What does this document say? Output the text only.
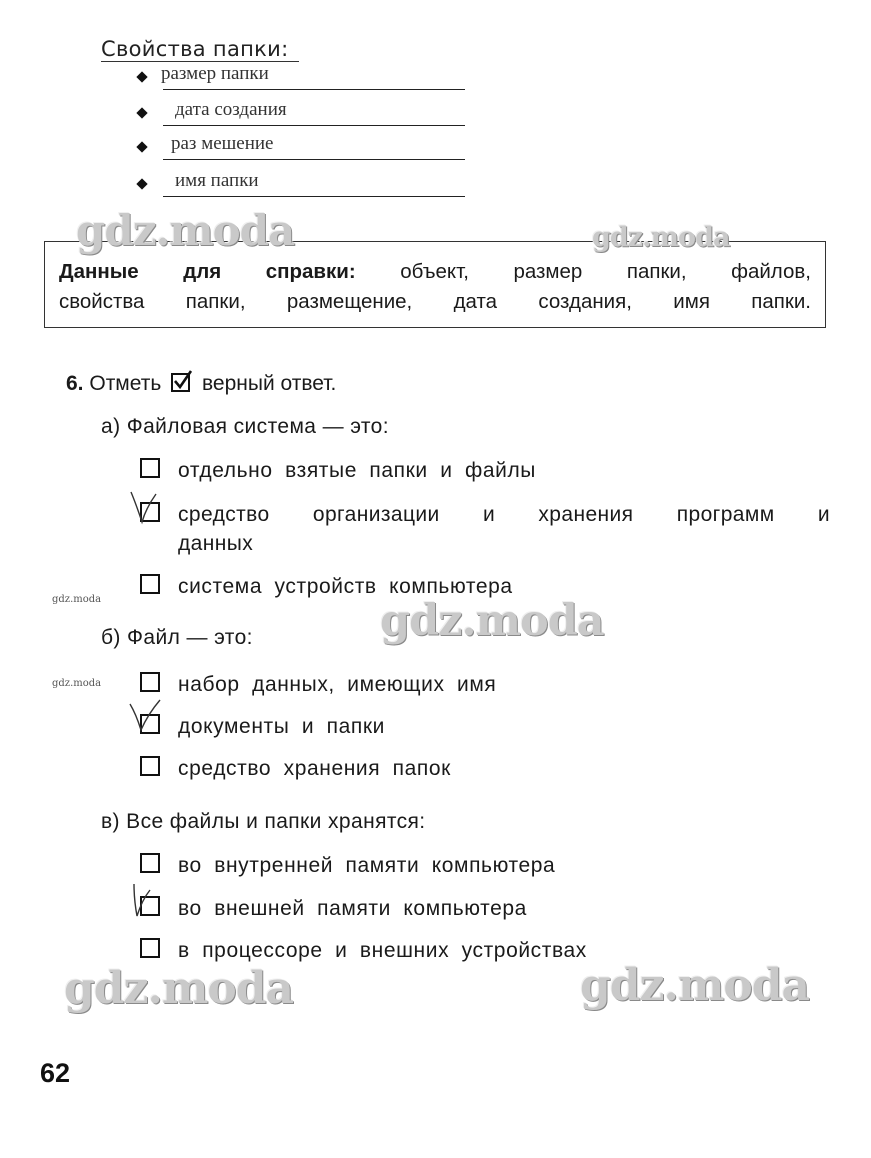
Свойства папки:
размер папки
дата создания
раз мешение
имя папки
Данные для справки: объект, размер папки, файлов,
свойства папки, размещение, дата создания, имя папки.
6. Отметь верный ответ.
а) Файловая система — это:
отдельно взятые папки и файлы
средство организации и хранения программ и данных
система устройств компьютера
б) Файл — это:
набор данных, имеющих имя
документы и папки
средство хранения папок
в) Все файлы и папки хранятся:
во внутренней памяти компьютера
во внешней памяти компьютера
в процессоре и внешних устройствах
gdz.moda	gdz.moda
gdz.moda
gdz.moda	gdz.moda
gdz.moda
gdz.moda
62
